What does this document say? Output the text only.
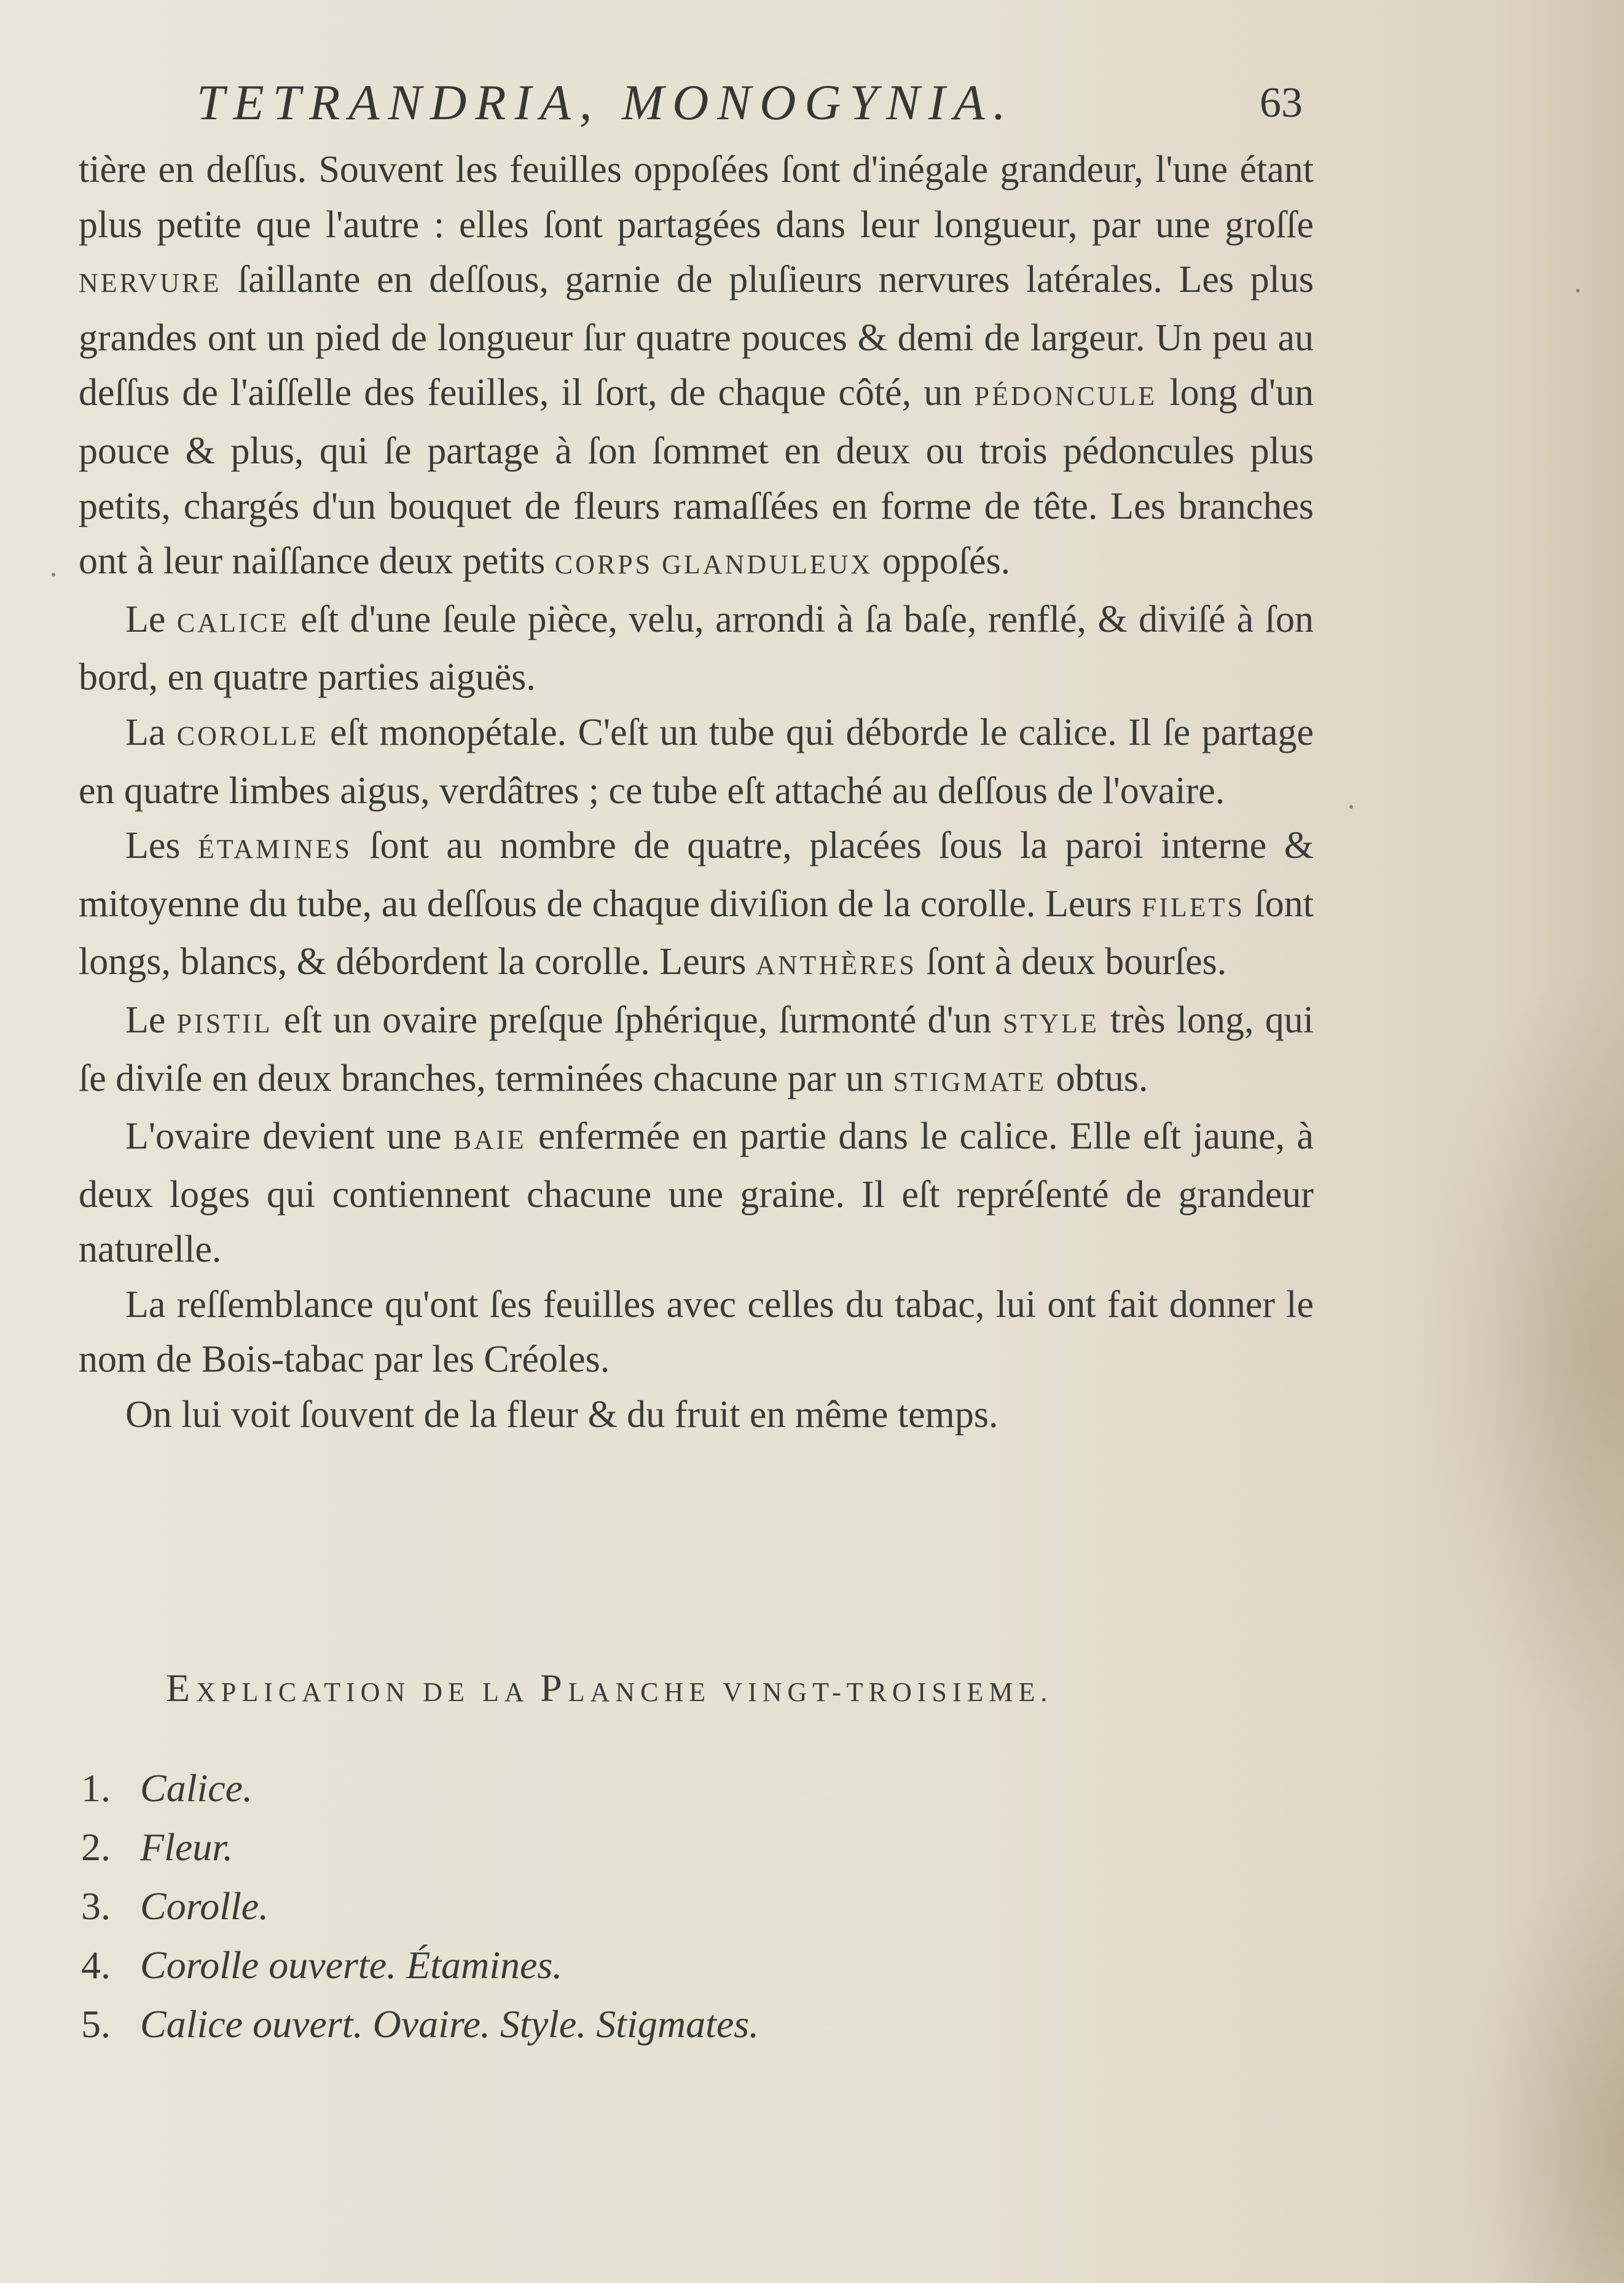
TETRANDRIA, MONOGYNIA.	63

tière en deſſus. Souvent les feuilles oppoſées ſont d'inégale grandeur, l'une étant plus petite que l'autre : elles ſont partagées dans leur longueur, par une groſſe NERVURE ſaillante en deſſous, garnie de pluſieurs nervures latérales. Les plus grandes ont un pied de longueur ſur quatre pouces & demi de largeur. Un peu au deſſus de l'aiſſelle des feuilles, il ſort, de chaque côté, un PÉDONCULE long d'un pouce & plus, qui ſe partage à ſon ſommet en deux ou trois pédoncules plus petits, chargés d'un bouquet de fleurs ramaſſées en forme de tête. Les branches ont à leur naiſſance deux petits CORPS GLANDULEUX oppoſés.

Le CALICE eſt d'une ſeule pièce, velu, arrondi à ſa baſe, renflé, & diviſé à ſon bord, en quatre parties aiguës.

La COROLLE eſt monopétale. C'eſt un tube qui déborde le calice. Il ſe partage en quatre limbes aigus, verdâtres ; ce tube eſt attaché au deſſous de l'ovaire.

Les ÉTAMINES ſont au nombre de quatre, placées ſous la paroi interne & mitoyenne du tube, au deſſous de chaque diviſion de la corolle. Leurs FILETS ſont longs, blancs, & débordent la corolle. Leurs ANTHÈRES ſont à deux bourſes.

Le PISTIL eſt un ovaire preſque ſphérique, ſurmonté d'un STYLE très long, qui ſe diviſe en deux branches, terminées chacune par un STIGMATE obtus.

L'ovaire devient une BAIE enfermée en partie dans le calice. Elle eſt jaune, à deux loges qui contiennent chacune une graine. Il eſt repréſenté de grandeur naturelle.

La reſſemblance qu'ont ſes feuilles avec celles du tabac, lui ont fait donner le nom de Bois-tabac par les Créoles.

On lui voit ſouvent de la fleur & du fruit en même temps.

EXPLICATION DE LA PLANCHE VINGT-TROISIEME.
1. Calice.
2. Fleur.
3. Corolle.
4. Corolle ouverte. Étamines.
5. Calice ouvert. Ovaire. Style. Stigmates.
